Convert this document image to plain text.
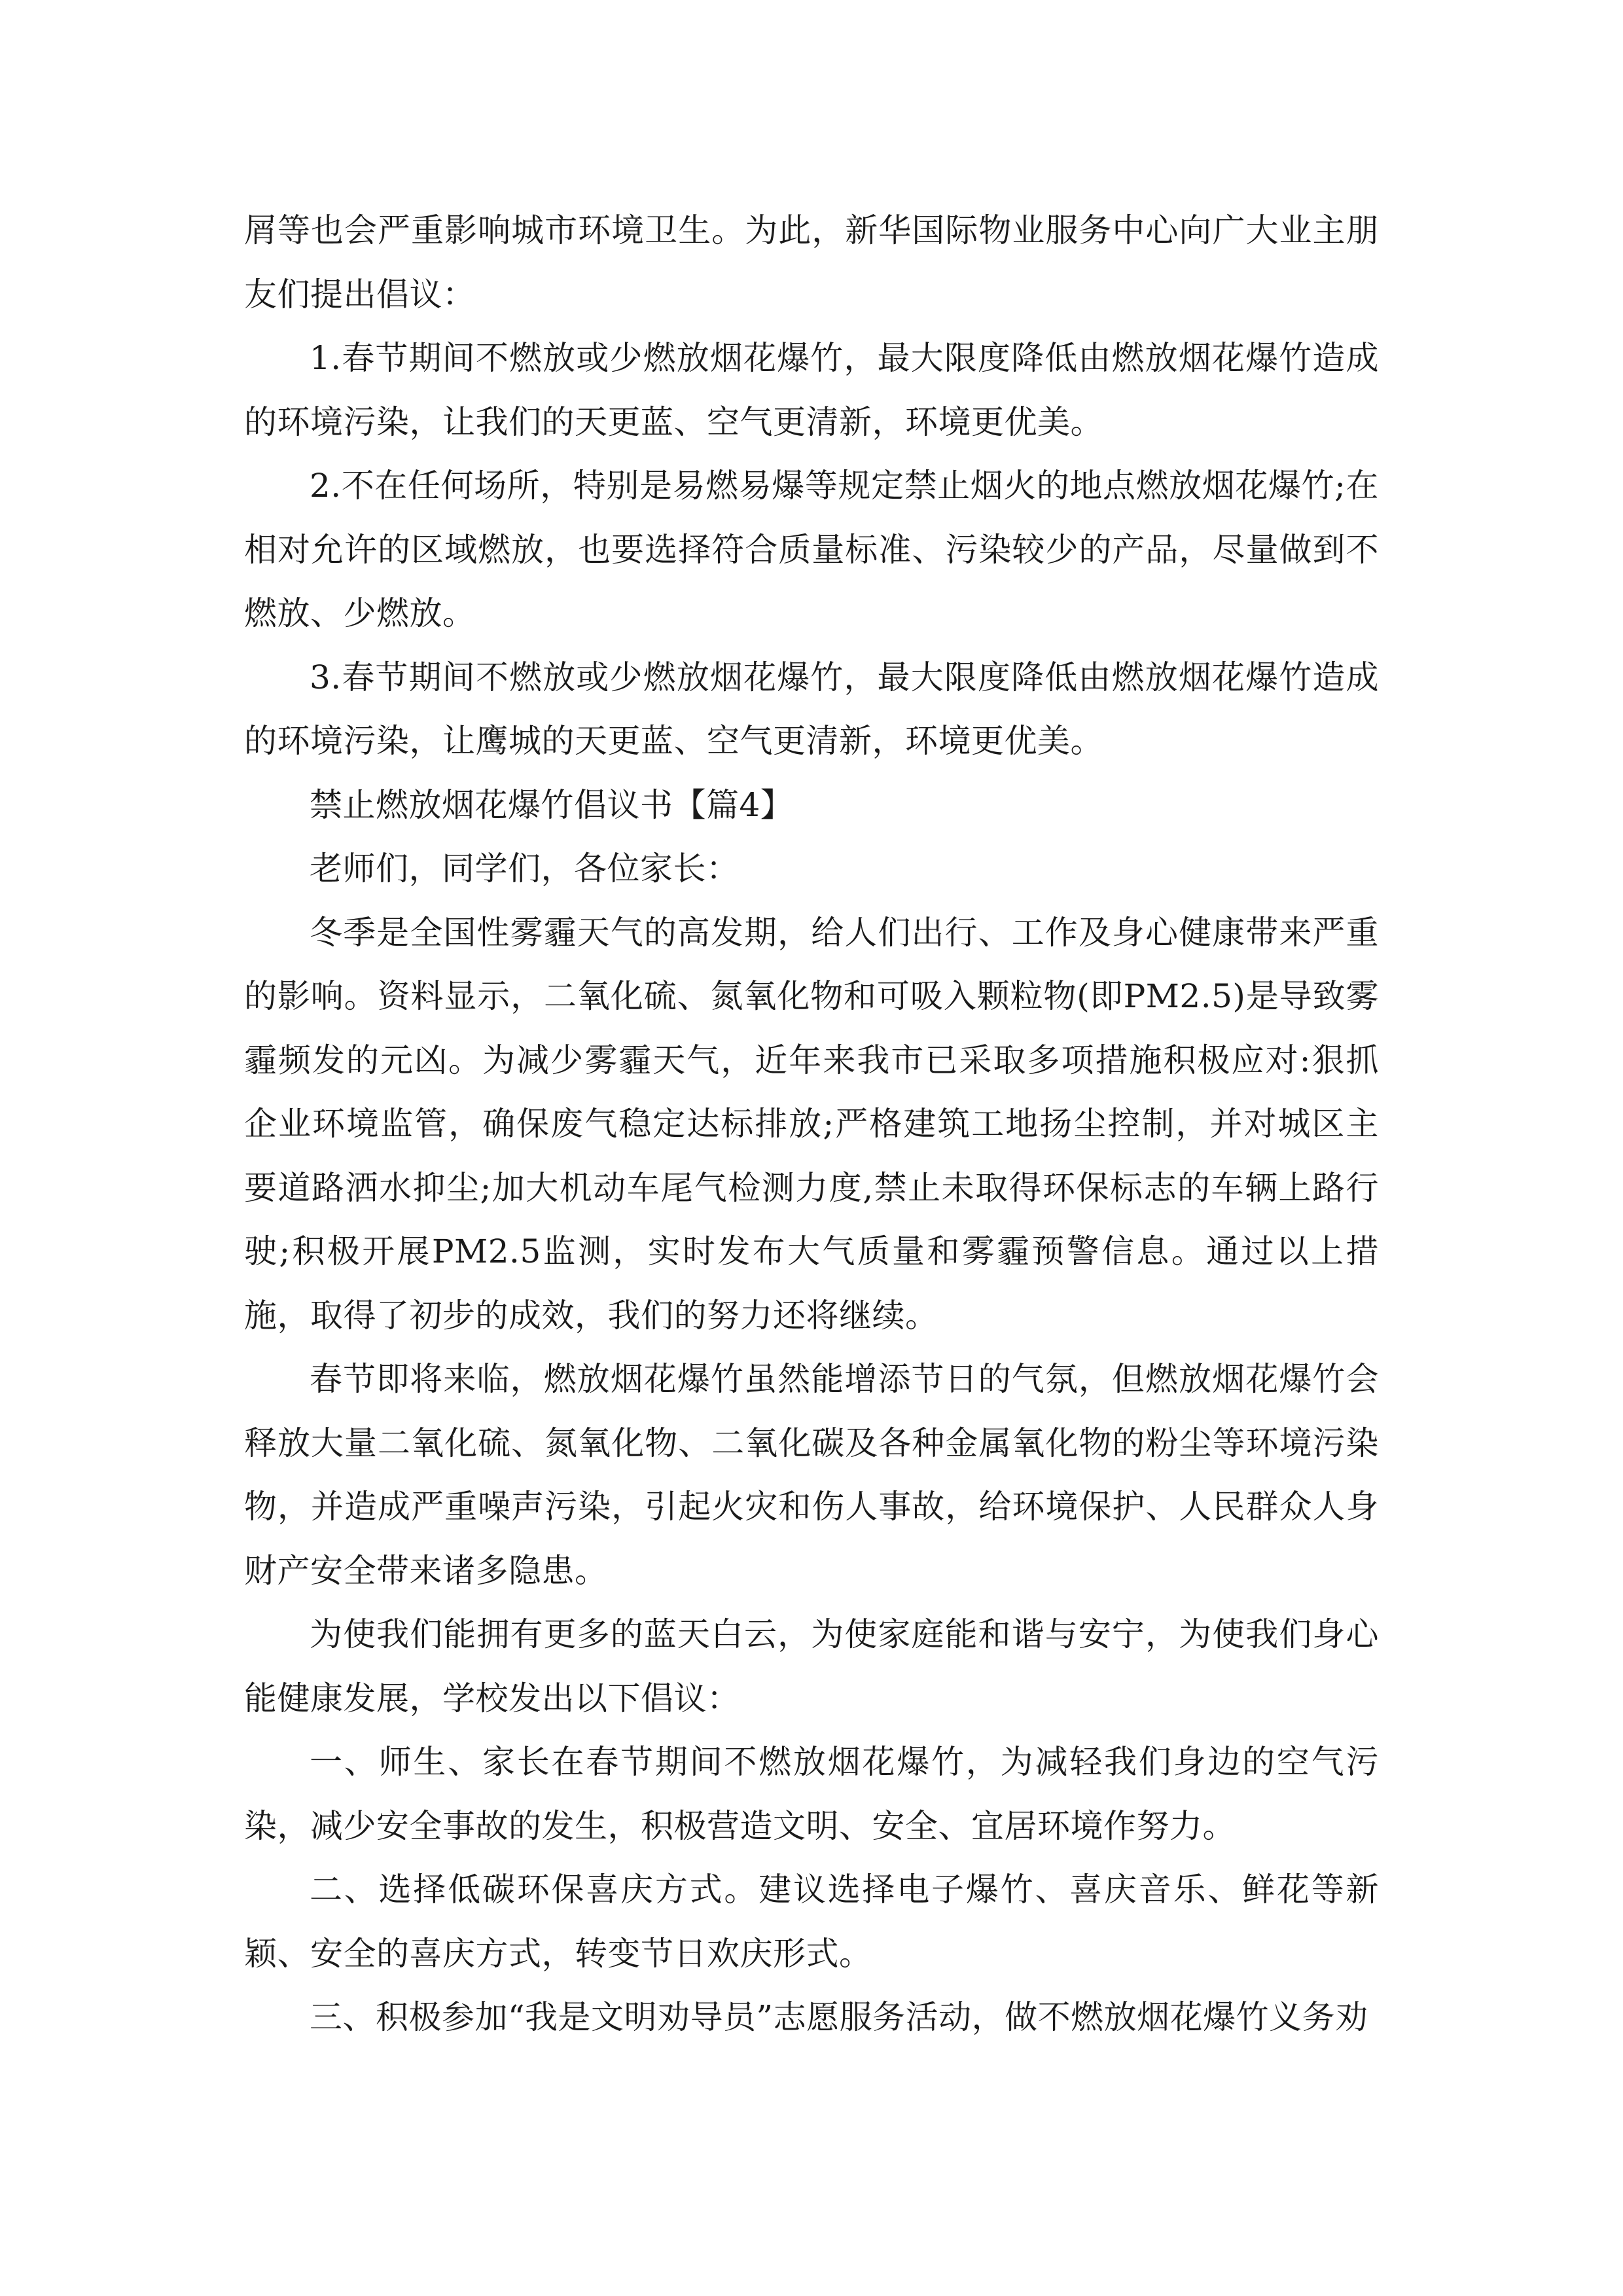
屑等也会严重影响城市环境卫生。为此，新华国际物业服务中心向广大业主朋友们提出倡议：

1.春节期间不燃放或少燃放烟花爆竹，最大限度降低由燃放烟花爆竹造成的环境污染，让我们的天更蓝、空气更清新，环境更优美。

2.不在任何场所，特别是易燃易爆等规定禁止烟火的地点燃放烟花爆竹;在相对允许的区域燃放，也要选择符合质量标准、污染较少的产品，尽量做到不燃放、少燃放。

3.春节期间不燃放或少燃放烟花爆竹，最大限度降低由燃放烟花爆竹造成的环境污染，让鹰城的天更蓝、空气更清新，环境更优美。

禁止燃放烟花爆竹倡议书【篇4】

老师们，同学们，各位家长：

冬季是全国性雾霾天气的高发期，给人们出行、工作及身心健康带来严重的影响。资料显示，二氧化硫、氮氧化物和可吸入颗粒物(即PM2.5)是导致雾霾频发的元凶。为减少雾霾天气，近年来我市已采取多项措施积极应对:狠抓企业环境监管，确保废气稳定达标排放;严格建筑工地扬尘控制，并对城区主要道路洒水抑尘;加大机动车尾气检测力度,禁止未取得环保标志的车辆上路行驶;积极开展PM2.5监测，实时发布大气质量和雾霾预警信息。通过以上措施，取得了初步的成效，我们的努力还将继续。

春节即将来临，燃放烟花爆竹虽然能增添节日的气氛，但燃放烟花爆竹会释放大量二氧化硫、氮氧化物、二氧化碳及各种金属氧化物的粉尘等环境污染物，并造成严重噪声污染，引起火灾和伤人事故，给环境保护、人民群众人身财产安全带来诸多隐患。

为使我们能拥有更多的蓝天白云，为使家庭能和谐与安宁，为使我们身心能健康发展，学校发出以下倡议：

一、师生、家长在春节期间不燃放烟花爆竹，为减轻我们身边的空气污染，减少安全事故的发生，积极营造文明、安全、宜居环境作努力。

二、选择低碳环保喜庆方式。建议选择电子爆竹、喜庆音乐、鲜花等新颖、安全的喜庆方式，转变节日欢庆形式。

三、积极参加“我是文明劝导员”志愿服务活动，做不燃放烟花爆竹义务劝
